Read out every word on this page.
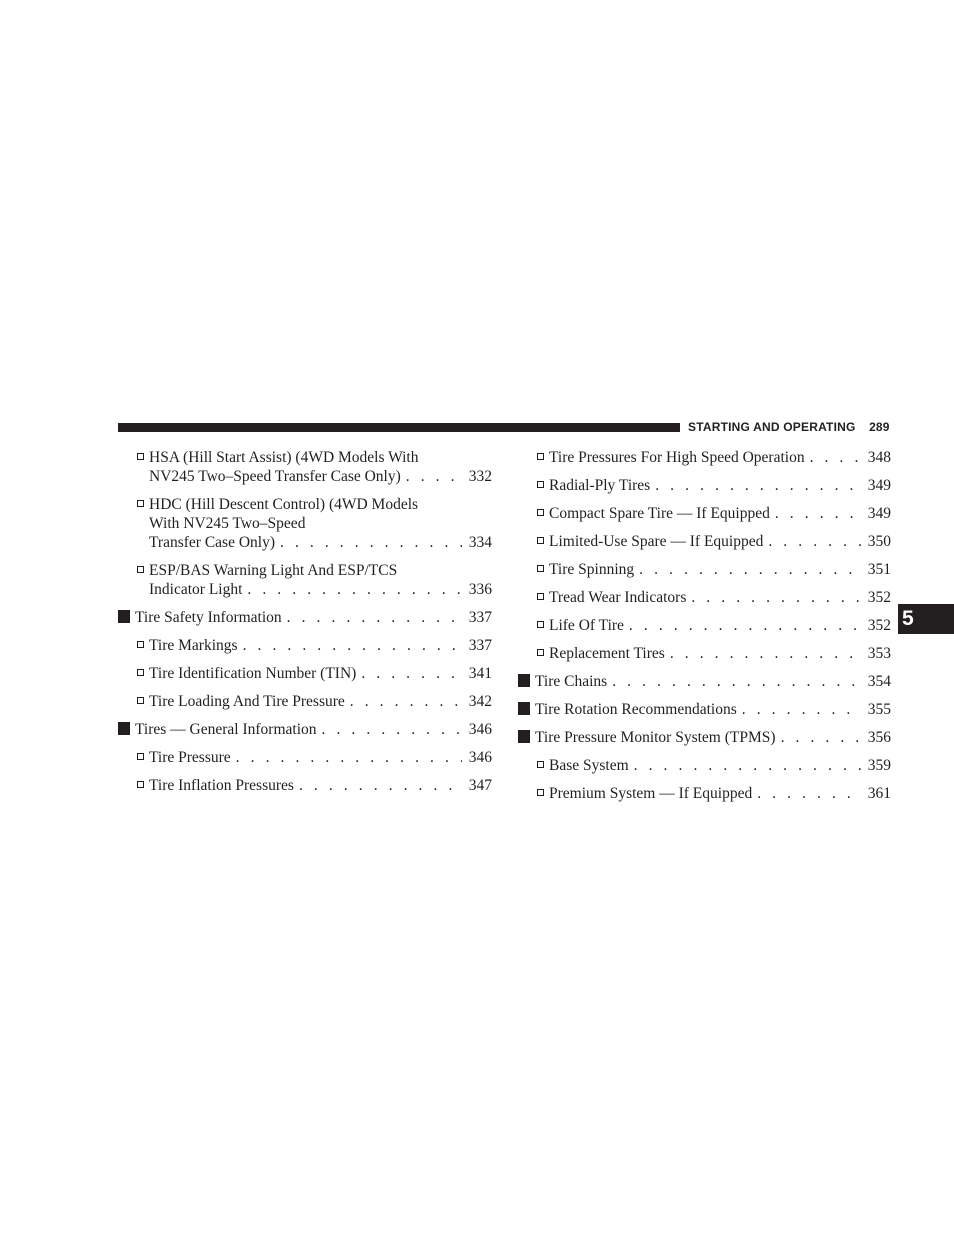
STARTING AND OPERATING 289
5
HSA (Hill Start Assist) (4WD Models With
NV245 Two–Speed Transfer Case Only) . . .	332
HDC (Hill Descent Control) (4WD Models
With NV245 Two–Speed
Transfer Case Only) . . .	334
ESP/BAS Warning Light And ESP/TCS
Indicator Light . . .	336
Tire Safety Information . . .	337
Tire Markings . . .	337
Tire Identification Number (TIN) . . .	341
Tire Loading And Tire Pressure . . .	342
Tires — General Information . . .	346
Tire Pressure . . .	346
Tire Inflation Pressures . . .	347
Tire Pressures For High Speed Operation . . .	348
Radial-Ply Tires . . .	349
Compact Spare Tire — If Equipped . . .	349
Limited-Use Spare — If Equipped . . .	350
Tire Spinning . . .	351
Tread Wear Indicators . . .	352
Life Of Tire . . .	352
Replacement Tires . . .	353
Tire Chains . . .	354
Tire Rotation Recommendations . . .	355
Tire Pressure Monitor System (TPMS) . . .	356
Base System . . .	359
Premium System — If Equipped . . .	361
